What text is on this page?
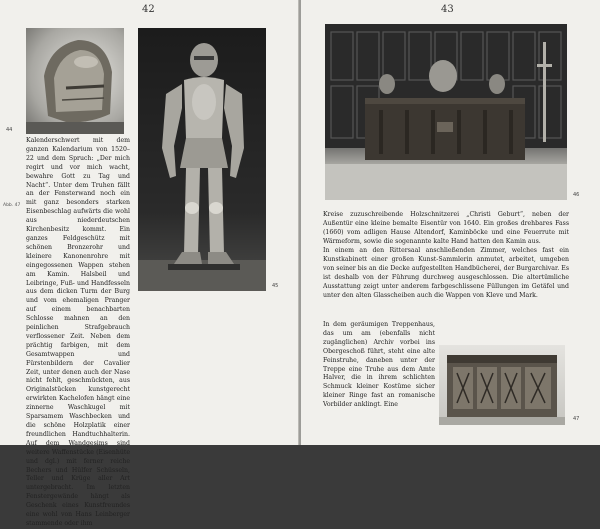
42
44
45
Abb. 47

Kalenderschwert mit dem ganzen Kalendarium von 1520–22 und dem Spruch: „Der mich regirt und vor mich wacht, bewahre Gott zu Tag und Nacht“. Unter dem Truhen fällt an der Fensterwand noch ein mit ganz besonders starken Eisenbeschlag aufwärts die wohl aus niederdeutschen Kirchenbesitz kommt. Ein ganzes Feldgeschütz mit schönen Bronzerohr und kleinere Kanonenrohre mit eingegossenen Wappen stehen am Kamin. Halsbeil und Leibringe, Fuß- und Handfesseln aus dem dicken Turm der Burg und vom ehemaligen Pranger auf einem benachbarten Schlosse mahnen an den peinlichen Strafgebrauch verflossener Zeit. Neben dem prächtig farbigen, mit dem Gesamtwappen und Fürstenbildern der Cavalier Zeit, unter denen auch der Nase nicht fehlt, geschmückten, aus Originalstücken kunstgerecht erwirkten Kachelofen hängt eine zinnerne Waschkugel mit Sparsamem Waschbecken und die schöne Holzplatik einer freundlichen Handtuchhalterin. Auf dem Wandgesims sind weitere Waffenstücke (Eisenhüte und dgl.) mit ferner reiche Bechers und Hülfer Schüsseln, Teller und Krüge aller Art untergebracht. Im letzten Fenstergewände hängt als Geschenk eines Kunstfreundes eine wohl von Hans Leinberger stammende oder ihm

43
46

Kreise zuzuschreibende Holzschnitzerei „Christi Geburt“, neben der Außentür eine kleine bemalte Eisentür von 1640. Ein großes drehbares Fass (1660) vom adligen Hause Altendorf, Kaminböcke und eine Feuerrute mit Wärmeform, sowie die sogenannte kalte Hand hatten den Kamin aus.

In einem an den Rittersaal anschließenden Zimmer, welches fast ein Kunstkabinett einer großen Kunst-Sammlerin anmutet, arbeitet, umgeben von seiner bis an die Decke aufgestellten Handbücherei, der Burgarchivar. Es ist deshalb von der Führung durchweg ausgeschlossen. Die altertümliche Ausstattung zeigt unter anderem farbgeschlissene Füllungen im Getäfel und unter den alten Glasscheiben auch die Wappen von Kleve und Mark.

In dem geräumigen Treppenhaus, das um am (ebenfalls nicht zugänglichen) Archiv vorbei ins Obergeschoß führt, steht eine alte Feinstruhe, daneben unter der Treppe eine Truhe aus dem Amte Halver, die in ihrem schlichten Schmuck kleiner Kostüme sicher kleiner Ringe fast an romanische Vorbilder anklingt. Eine

47
